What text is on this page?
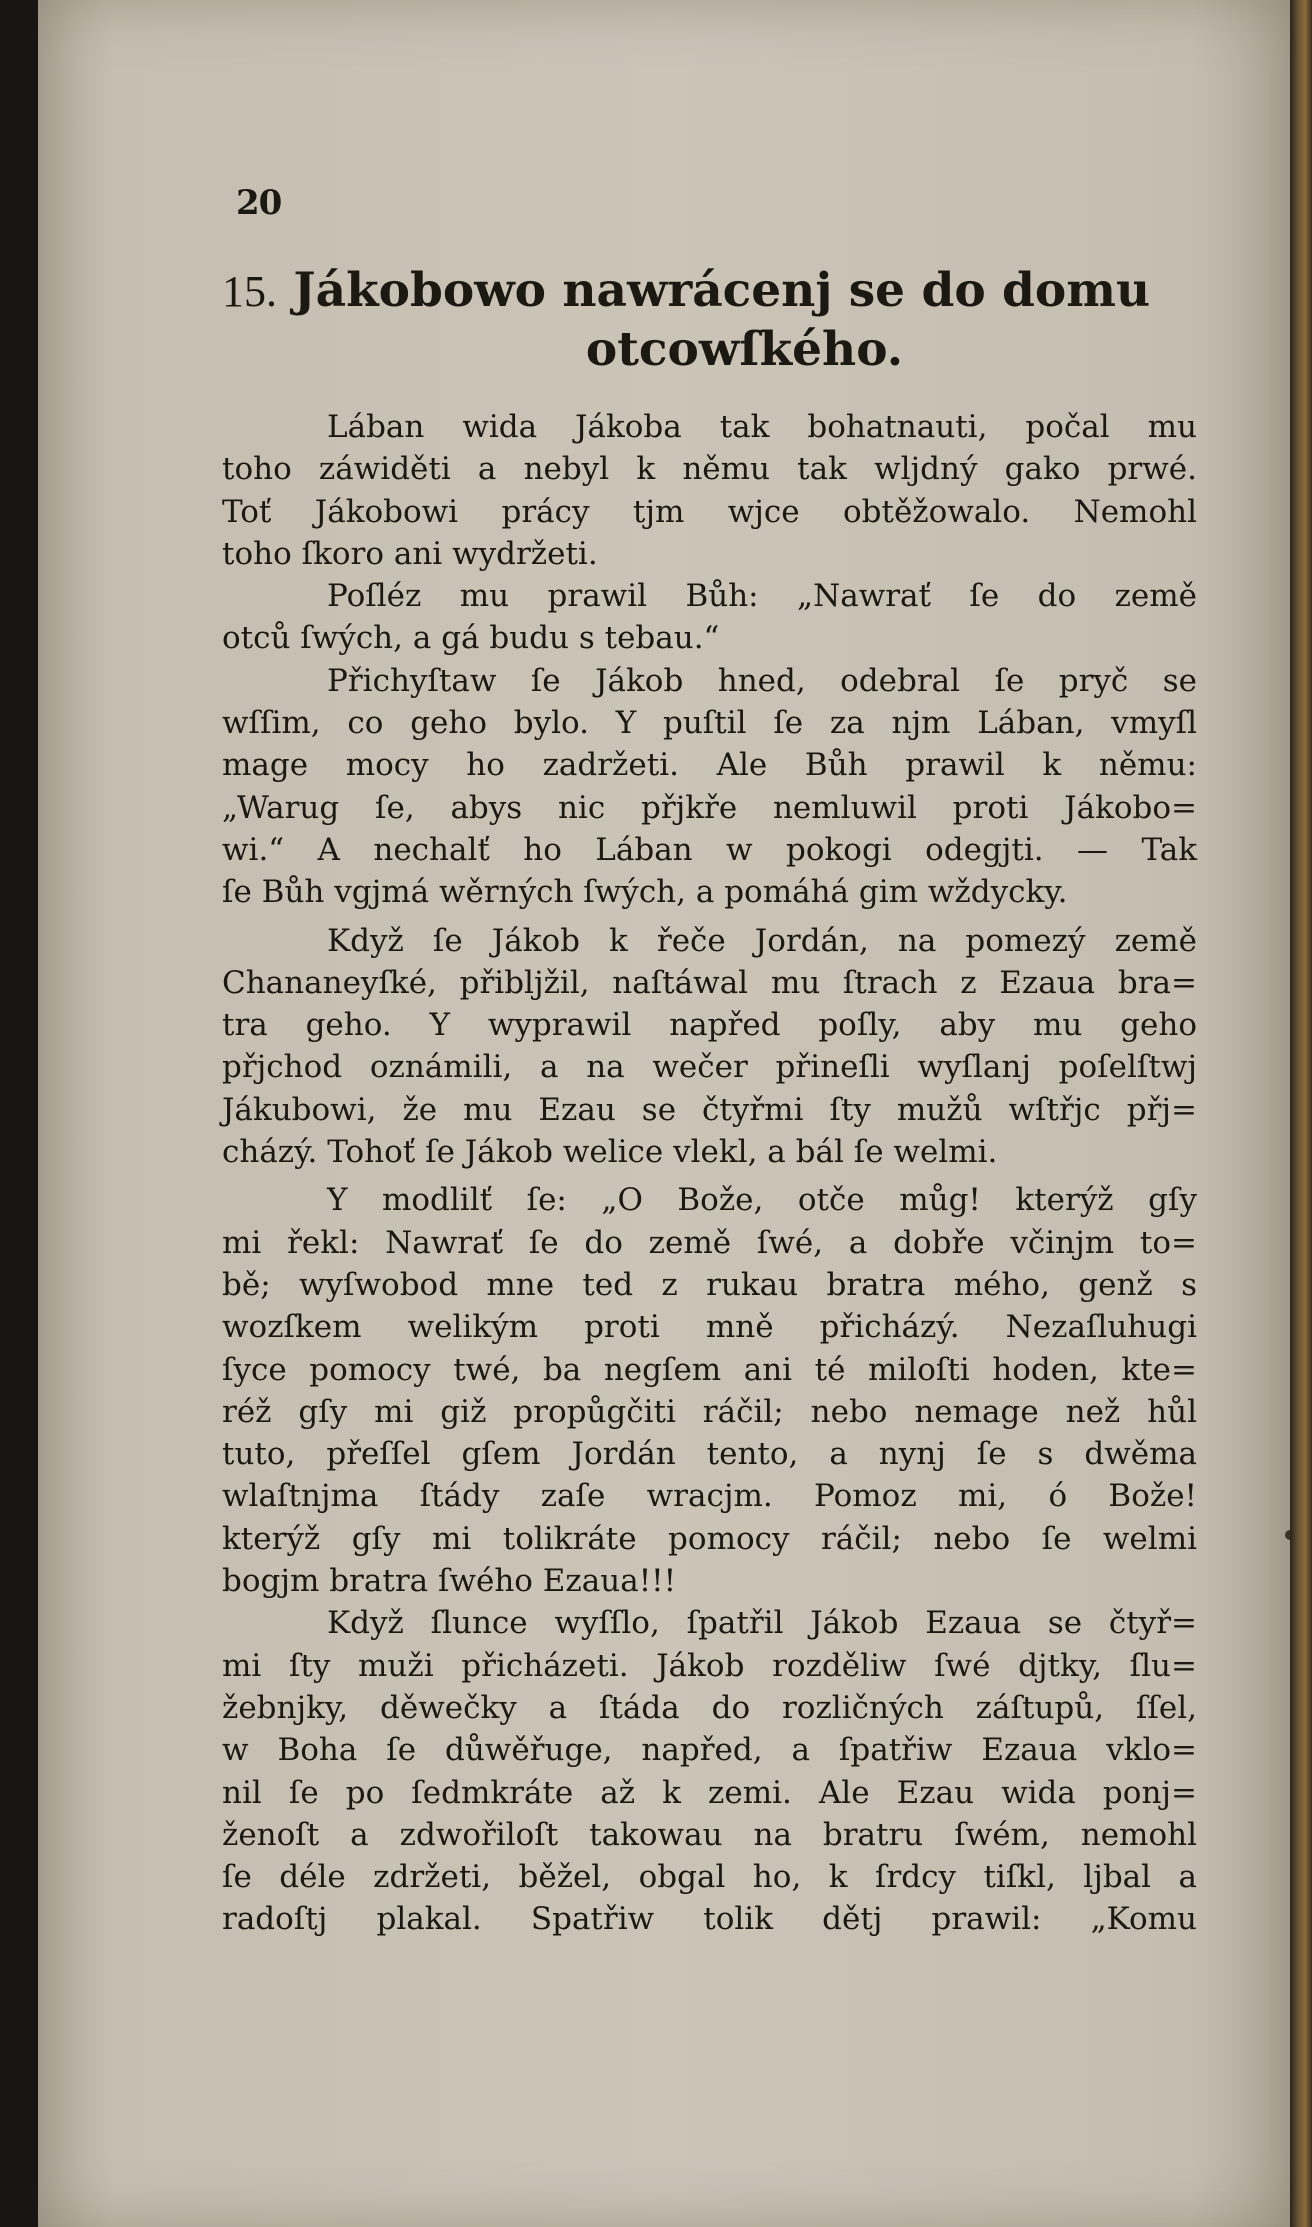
20
15. Jákobowo nawrácenj se do domu
otcowſkého.
Lában wida Jákoba tak bohatnauti, počal mu
toho záwiděti a nebyl k němu tak wljdný gako prwé.
Toť Jákobowi prácy tjm wjce obtěžowalo. Nemohl
toho ſkoro ani wydržeti.
Poſléz mu prawil Bůh: „Nawrať ſe do země
otců ſwých, a gá budu s tebau.“
Přichyſtaw ſe Jákob hned, odebral ſe pryč se
wſſim, co geho bylo. Y puſtil ſe za njm Lában, vmyſl
mage mocy ho zadržeti. Ale Bůh prawil k němu:
„Warug ſe, abys nic přjkře nemluwil proti Jákobo=
wi.“ A nechalť ho Lában w pokogi odegjti. — Tak
ſe Bůh vgjmá wěrných ſwých, a pomáhá gim wždycky.
Když ſe Jákob k řeče Jordán, na pomezý země
Chananeyſké, přiblјžil, naſtáwal mu ſtrach z Ezaua bra=
tra geho. Y wyprawil napřed poſly, aby mu geho
přjchod oznámili, a na wečer přineſli wyſlanj poſelſtwj
Jákubowi, že mu Ezau se čtyřmi ſty mužů wſtřjc přj=
cházý. Tohoť ſe Jákob welice vlekl, a bál ſe welmi.
Y modlilť ſe: „O Bože, otče můg! kterýž gſy
mi řekl: Nawrať ſe do země ſwé, a dobře včinjm to=
bě; wyſwobod mne ted z rukau bratra mého, genž s
wozſkem welikým proti mně přicházý. Nezaſluhugi
ſyce pomocy twé, ba negſem ani té miloſti hoden, kte=
réž gſy mi giž propůgčiti ráčil; nebo nemage než hůl
tuto, přeſſel gſem Jordán tento, a nynj ſe s dwěma
wlaſtnjma ſtády zaſe wracjm. Pomoz mi, ó Bože!
kterýž gſy mi tolikráte pomocy ráčil; nebo ſe welmi
bogjm bratra ſwého Ezaua!!!
Když ſlunce wyſſlo, ſpatřil Jákob Ezaua se čtyř=
mi ſty muži přicházeti. Jákob rozdělіw ſwé djtky, ſlu=
žebnjky, děwečky a ſtáda do rozličných záſtupů, ſſel,
w Boha ſe důwěřuge, napřed, a ſpatřiw Ezaua vklo=
nil ſe po ſedmkráte až k zemi. Ale Ezau wida ponj=
ženoſt a zdwořiloſt takowau na bratru ſwém, nemohl
ſe déle zdržeti, běžel, obgal ho, k ſrdcy tiſkl, ljbal a
radoſtj plakal. Spatřiw tolik dětj prawil: „Komu
